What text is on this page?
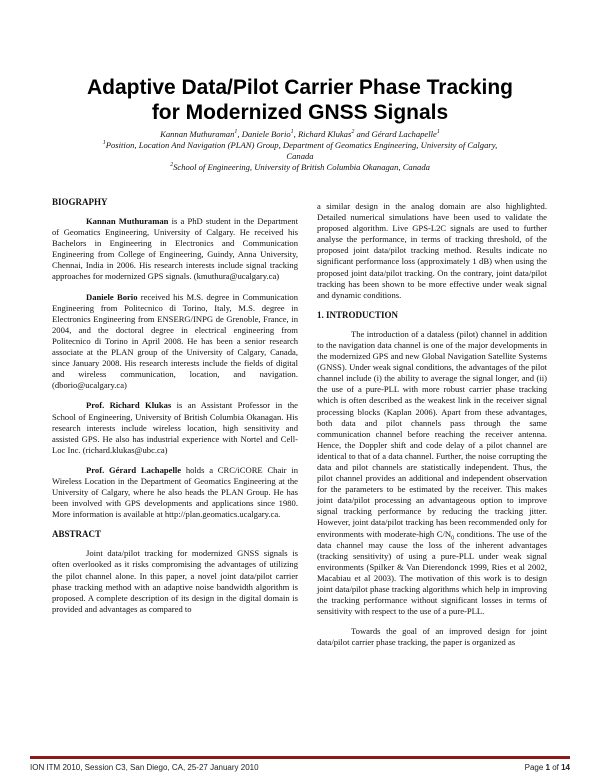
Adaptive Data/Pilot Carrier Phase Tracking
for Modernized GNSS Signals
Kannan Muthuraman$^1$, Daniele Borio$^1$, Richard Klukas$^2$ and Gérard Lachapelle$^1$
$^1$Position, Location And Navigation (PLAN) Group, Department of Geomatics Engineering, University of Calgary,
Canada
$^2$School of Engineering, University of British Columbia Okanagan, Canada
BIOGRAPHY

Kannan Muthuraman is a PhD student in the Department of Geomatics Engineering, University of Calgary. He received his Bachelors in Engineering in Electronics and Communication Engineering from College of Engineering, Guindy, Anna University, Chennai, India in 2006. His research interests include signal tracking approaches for modernized GPS signals. (kmuthura@ucalgary.ca)

Daniele Borio received his M.S. degree in Communication Engineering from Politecnico di Torino, Italy, M.S. degree in Electronics Engineering from ENSERG/INPG de Grenoble, France, in 2004, and the doctoral degree in electrical engineering from Politecnico di Torino in April 2008. He has been a senior research associate at the PLAN group of the University of Calgary, Canada, since January 2008. His research interests include the fields of digital and wireless communication, location, and navigation. (dborio@ucalgary.ca)

Prof. Richard Klukas is an Assistant Professor in the School of Engineering, University of British Columbia Okanagan. His research interests include wireless location, high sensitivity and assisted GPS. He also has industrial experience with Nortel and Cell-Loc Inc. (richard.klukas@ubc.ca)

Prof. Gérard Lachapelle holds a CRC/iCORE Chair in Wireless Location in the Department of Geomatics Engineering at the University of Calgary, where he also heads the PLAN Group. He has been involved with GPS developments and applications since 1980. More information is available at http://plan.geomatics.ucalgary.ca.

ABSTRACT

Joint data/pilot tracking for modernized GNSS signals is often overlooked as it risks compromising the advantages of utilizing the pilot channel alone. In this paper, a novel joint data/pilot carrier phase tracking method with an adaptive noise bandwidth algorithm is proposed. A complete description of its design in the digital domain is provided and advantages as compared to

a similar design in the analog domain are also highlighted. Detailed numerical simulations have been used to validate the proposed algorithm. Live GPS-L2C signals are used to further analyse the performance, in terms of tracking threshold, of the proposed joint data/pilot tracking method. Results indicate no significant performance loss (approximately 1 dB) when using the proposed joint data/pilot tracking. On the contrary, joint data/pilot tracking has been shown to be more effective under weak signal and dynamic conditions.

1. INTRODUCTION

The introduction of a dataless (pilot) channel in addition to the navigation data channel is one of the major developments in the modernized GPS and new Global Navigation Satellite Systems (GNSS). Under weak signal conditions, the advantages of the pilot channel include (i) the ability to average the signal longer, and (ii) the use of a pure-PLL with more robust carrier phase tracking which is often described as the weakest link in the receiver signal processing blocks (Kaplan 2006). Apart from these advantages, both data and pilot channels pass through the same communication channel before reaching the receiver antenna. Hence, the Doppler shift and code delay of a pilot channel are identical to that of a data channel. Further, the noise corrupting the data and pilot channels are statistically independent. Thus, the pilot channel provides an additional and independent observation for the parameters to be estimated by the receiver. This makes joint data/pilot processing an advantageous option to improve signal tracking performance by reducing the tracking jitter. However, joint data/pilot tracking has been recommended only for environments with moderate-high $C/N_0$ conditions. The use of the data channel may cause the loss of the inherent advantages (tracking sensitivity) of using a pure-PLL under weak signal environments (Spilker & Van Dierendonck 1999, Ries et al 2002, Macabiau et al 2003). The motivation of this work is to design joint data/pilot phase tracking algorithms which help in improving the tracking performance without significant losses in terms of sensitivity with respect to the use of a pure-PLL.

Towards the goal of an improved design for joint data/pilot carrier phase tracking, the paper is organized as

ION ITM 2010, Session C3, San Diego, CA, 25-27 January 2010	Page 1 of 14
